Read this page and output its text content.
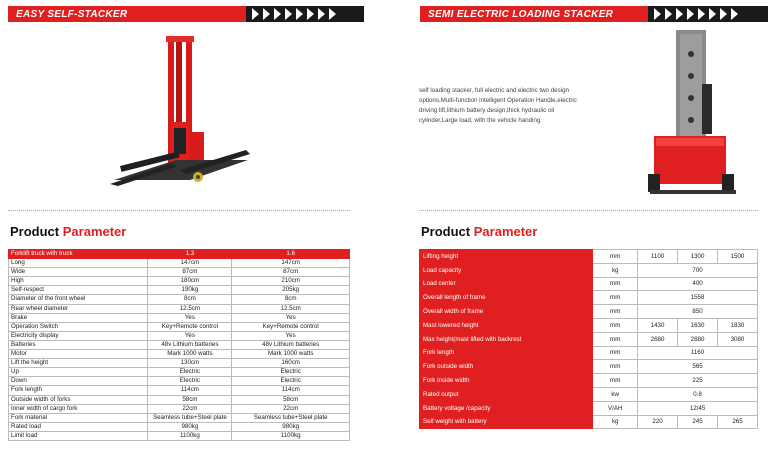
EASY SELF-STACKER	SEMI ELECTRIC LOADING STACKER
self loading stacker, full electric and electric two design options,Multi-function intelligent Operation Handle,electric driving lift,lithium battery design,thick hydraulic oil cylinder,Large load, with the vehicle handing
Product Parameter	Product Parameter
Forklift truck with truck	1.3	1.6
Long	147cm	147cm
Wide	87cm	87cm
High	180cm	210cm
Self-respect	190kg	205kg
Diameter of the front wheel	8cm	8cm
Rear wheel diameter	12.5cm	12.5cm
Brake	Yes	Yes
Operation Switch	Key+Remote control	Key+Remote control
Electricity display	Yes	Yes
Batteries	48v Lithium batteries	48v Lithium batteries
Motor	Mark 1000 watts	Mark 1000 watts
Lift the height	130cm	160cm
Up	Electric	Electric
Down	Electric	Electric
Fork length	114cm	114cm
Outside width of forks	58cm	58cm
Inner width of cargo fork	22cm	22cm
Fork material	Seamless tube+Steel plate	Seamless tube+Steel plate
Rated load	980kg	980kg
Limit load	1100kg	1100kg
Lifting height	mm	1100	1300	1500
Load capacity	kg	700		
Load center	mm	400		
Overall length of frame	mm	1558		
Overall width of frame	mm	850		
Mast lowered height	mm	1430	1630	1830
Max height(mast lifted with backrest	mm	2680	2880	3080
Fork length	mm	1160		
Fork outside width	mm	565		
Fork inside width	mm	225		
Rated output	kw	0.8		
Battery voltage /capacity	V/AH	12/45		
Self weight with battery	kg	220	245	265
